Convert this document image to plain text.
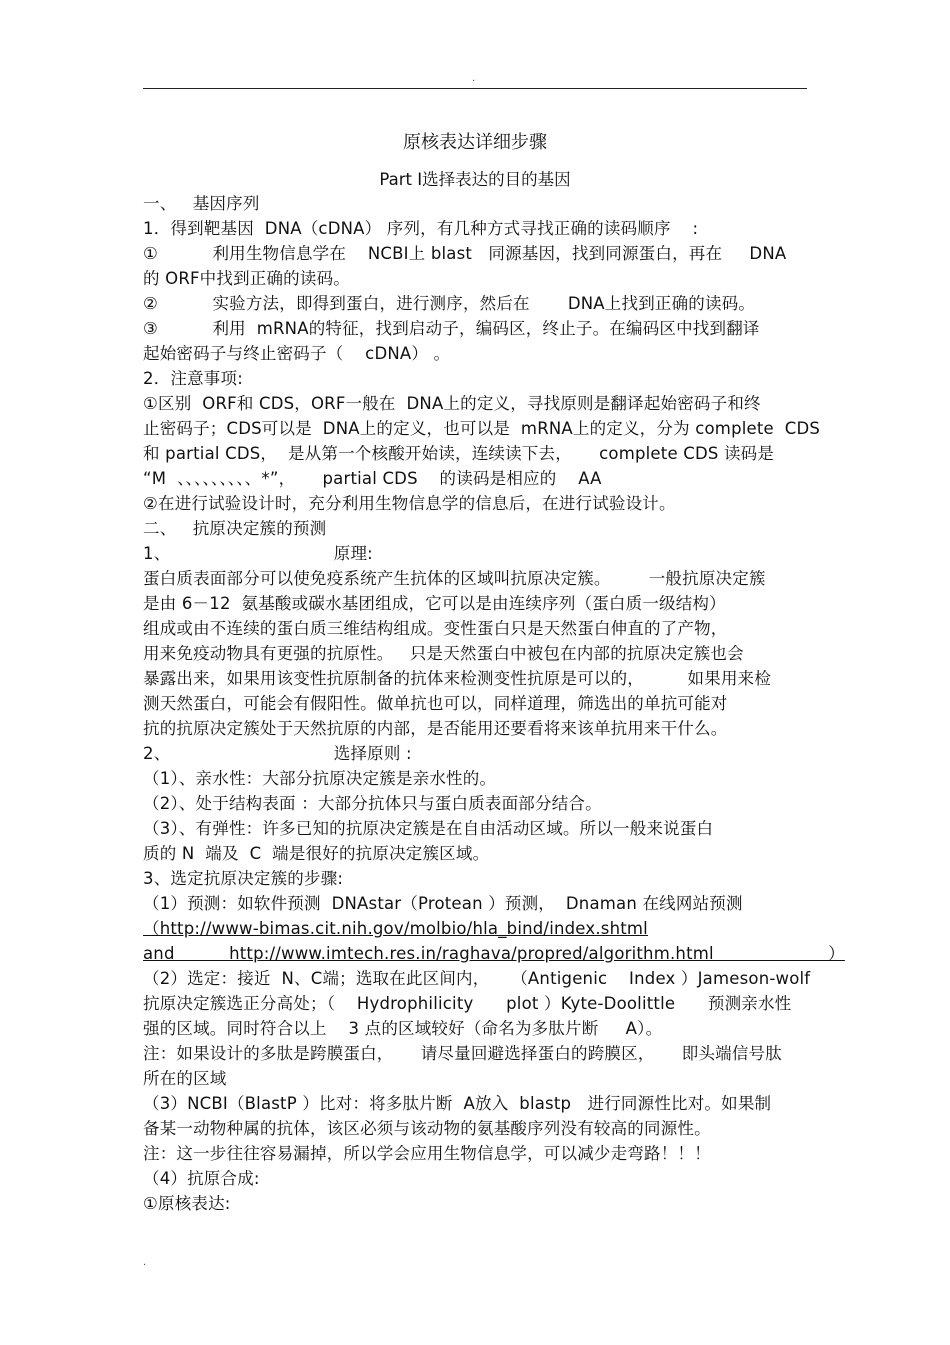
.
原核表达详细步骤
Part Ⅰ选择表达的目的基因
一、   基因序列
1．得到靶基因  DNA（cDNA） 序列，有几种方式寻找正确的读码顺序    :
①          利用生物信息学在    NCBI上 blast   同源基因，找到同源蛋白，再在     DNA
的 ORF中找到正确的读码。
②          实验方法，即得到蛋白，进行测序，然后在       DNA上找到正确的读码。
③          利用  mRNA的特征，找到启动子，编码区，终止子。在编码区中找到翻译
起始密码子与终止密码子（    cDNA） 。
2．注意事项:
①区别  ORF和 CDS，ORF一般在  DNA上的定义，寻找原则是翻译起始密码子和终
止密码子；CDS可以是  DNA上的定义，也可以是  mRNA上的定义，分为 complete  CDS
和 partial CDS，  是从第一个核酸开始读，连续读下去，     complete CDS 读码是
“M  、、、、、、、、、*”，     partial CDS    的读码是相应的    AA
②在进行试验设计时，充分利用生物信息学的信息后，在进行试验设计。
二、   抗原决定簇的预测
1、                              原理:
蛋白质表面部分可以使免疫系统产生抗体的区域叫抗原决定簇。       一般抗原决定簇
是由 6－12  氨基酸或碳水基团组成，它可以是由连续序列（蛋白质一级结构）
组成或由不连续的蛋白质三维结构组成。变性蛋白只是天然蛋白伸直的了产物，
用来免疫动物具有更强的抗原性。   只是天然蛋白中被包在内部的抗原决定簇也会
暴露出来，如果用该变性抗原制备的抗体来检测变性抗原是可以的，        如果用来检
测天然蛋白，可能会有假阳性。做单抗也可以，同样道理，筛选出的单抗可能对
抗的抗原决定簇处于天然抗原的内部，是否能用还要看将来该单抗用来干什么。
2、                              选择原则 :
（1）、亲水性：大部分抗原决定簇是亲水性的。
（2）、处于结构表面 ：大部分抗体只与蛋白质表面部分结合。
（3）、有弹性：许多已知的抗原决定簇是在自由活动区域。所以一般来说蛋白
质的 N  端及  C  端是很好的抗原决定簇区域。
3、选定抗原决定簇的步骤:
（1）预测：如软件预测  DNAstar（Protean ）预测，  Dnaman 在线网站预测
（http://www-bimas.cit.nih.gov/molbio/hla_bind/index.shtml
and          http://www.imtech.res.in/raghava/propred/algorithm.html                     ）
（2）选定：接近  N、C端；选取在此区间内，    （Antigenic    Index ）Jameson-wolf
抗原决定簇选正分高处；（    Hydrophilicity      plot ）Kyte-Doolittle      预测亲水性
强的区域。同时符合以上    3 点的区域较好（命名为多肽片断     A）。
注：如果设计的多肽是跨膜蛋白，     请尽量回避选择蛋白的跨膜区，     即头端信号肽
所在的区域
（3）NCBI（BlastP ）比对：将多肽片断  A放入  blastp   进行同源性比对。如果制
备某一动物种属的抗体，该区必须与该动物的氨基酸序列没有较高的同源性。
注：这一步往往容易漏掉，所以学会应用生物信息学，可以减少走弯路！！！
（4）抗原合成:
①原核表达:
.
